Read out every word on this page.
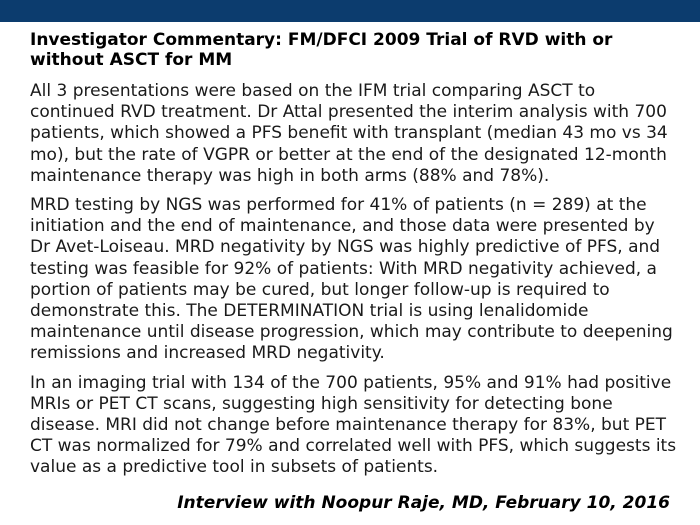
Investigator Commentary: FM/DFCI 2009 Trial of RVD with or without ASCT for MM

All 3 presentations were based on the IFM trial comparing ASCT to continued RVD treatment. Dr Attal presented the interim analysis with 700 patients, which showed a PFS benefit with transplant (median 43 mo vs 34 mo), but the rate of VGPR or better at the end of the designated 12-month maintenance therapy was high in both arms (88% and 78%).

MRD testing by NGS was performed for 41% of patients (n = 289) at the initiation and the end of maintenance, and those data were presented by Dr Avet-Loiseau. MRD negativity by NGS was highly predictive of PFS, and testing was feasible for 92% of patients: With MRD negativity achieved, a portion of patients may be cured, but longer follow-up is required to demonstrate this. The DETERMINATION trial is using lenalidomide maintenance until disease progression, which may contribute to deepening remissions and increased MRD negativity.

In an imaging trial with 134 of the 700 patients, 95% and 91% had positive MRIs or PET CT scans, suggesting high sensitivity for detecting bone disease. MRI did not change before maintenance therapy for 83%, but PET CT was normalized for 79% and correlated well with PFS, which suggests its value as a predictive tool in subsets of patients.

Interview with Noopur Raje, MD, February 10, 2016
